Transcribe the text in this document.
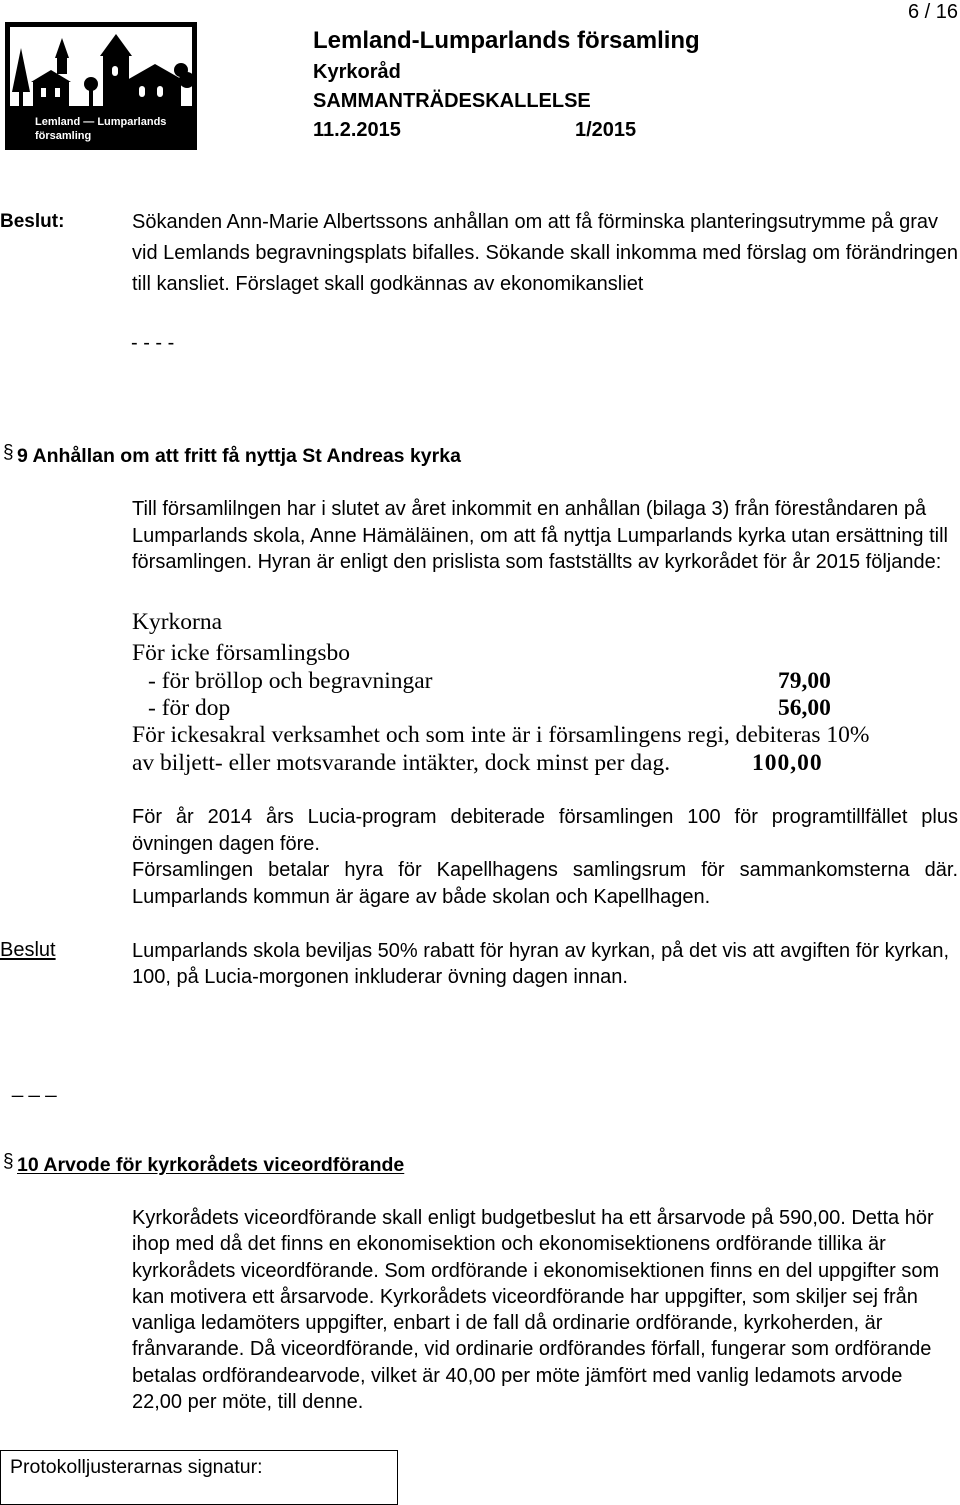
Lemland — Lumparlands
församling
6 / 16
Lemland-Lumparlands församling
Kyrkoråd
SAMMANTRÄDESKALLELSE
11.2.2015	1/2015
Beslut:	Sökanden Ann-Marie Albertssons anhållan om att få förminska planteringsutrymme på grav
vid Lemlands begravningsplats bifalles. Sökande skall inkomma med förslag om förändringen
till kansliet. Förslaget skall godkännas av ekonomikansliet
- - - -
§ 9 Anhållan om att fritt få nyttja St Andreas kyrka
Till församlilngen har i slutet av året inkommit en anhållan (bilaga 3) från föreståndaren på
Lumparlands skola, Anne Hämäläinen, om att få nyttja Lumparlands kyrka utan ersättning till
församlingen. Hyran är enligt den prislista som fastställts av kyrkorådet för år 2015 följande:
Kyrkorna
För icke församlingsbo
- för bröllop och begravningar	79,00
- för dop	56,00
För ickesakral verksamhet och som inte är i församlingens regi, debiteras 10%
av biljett- eller motsvarande intäkter, dock minst per dag.	100,00
För år 2014 års Lucia-program debiterade församlingen 100 för programtillfället plus
övningen dagen före.
Församlingen betalar hyra för Kapellhagens samlingsrum för sammankomsterna där.
Lumparlands kommun är ägare av både skolan och Kapellhagen.
Beslut	Lumparlands skola beviljas 50% rabatt för hyran av kyrkan, på det vis att avgiften för kyrkan,
100, på Lucia-morgonen inkluderar övning dagen innan.
_ _ _
§ 10 Arvode för kyrkorådets viceordförande
Kyrkorådets viceordförande skall enligt budgetbeslut ha ett årsarvode på 590,00. Detta hör
ihop med då det finns en ekonomisektion och ekonomisektionens ordförande tillika är
kyrkorådets viceordförande. Som ordförande i ekonomisektionen finns en del uppgifter som
kan motivera ett årsarvode. Kyrkorådets viceordförande har uppgifter, som skiljer sej från
vanliga ledamöters uppgifter, enbart i de fall då ordinarie ordförande, kyrkoherden, är
frånvarande. Då viceordförande, vid ordinarie ordförandes förfall, fungerar som ordförande
betalas ordförandearvode, vilket är 40,00 per möte jämfört med vanlig ledamots arvode
22,00 per möte, till denne.
Protokolljusterarnas signatur:
